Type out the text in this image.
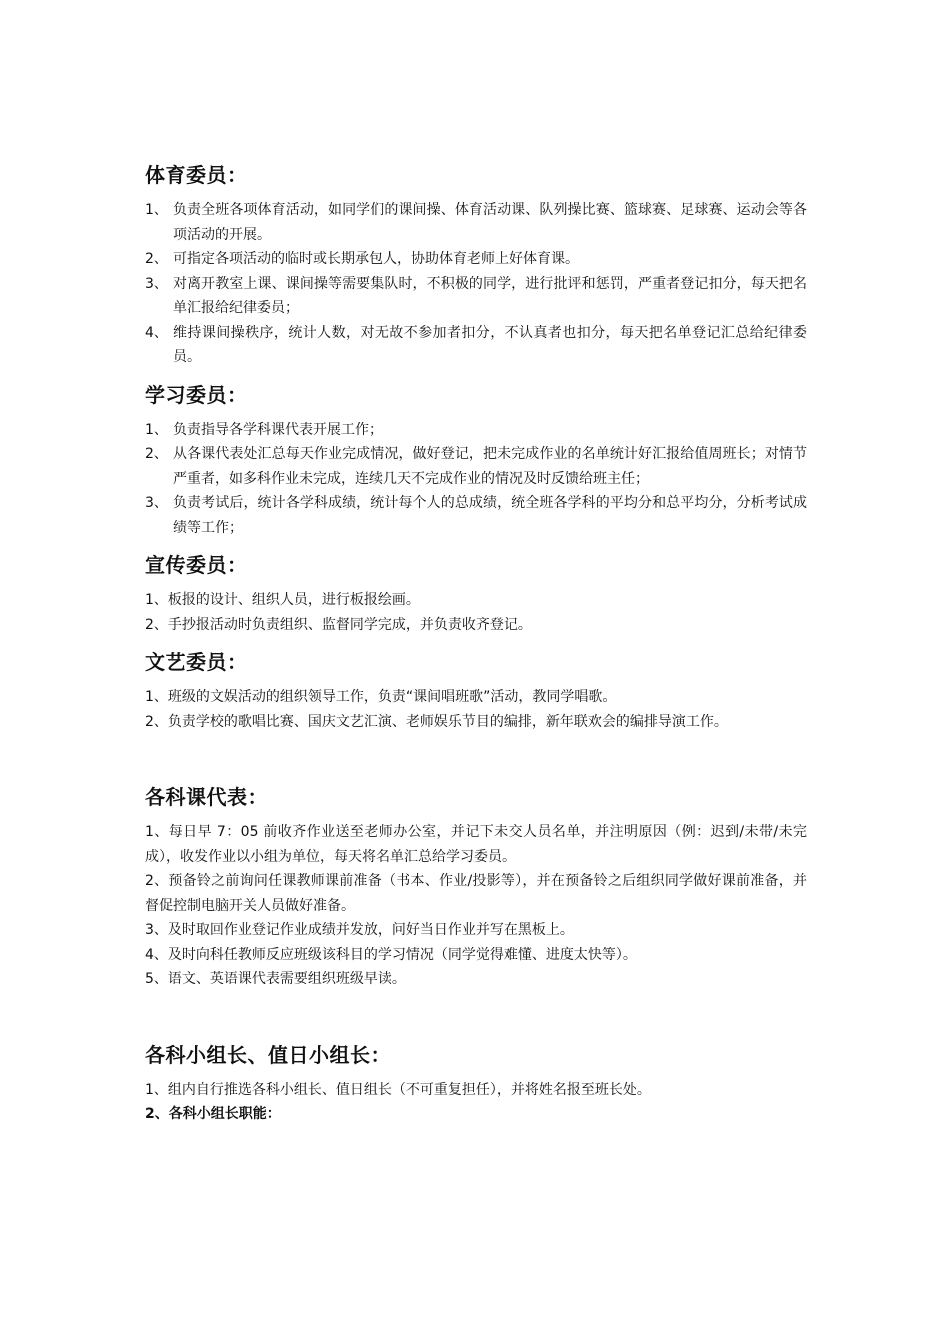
体育委员：
1、 负责全班各项体育活动，如同学们的课间操、体育活动课、队列操比赛、篮球赛、足球赛、运动会等各项活动的开展。
2、 可指定各项活动的临时或长期承包人，协助体育老师上好体育课。
3、 对离开教室上课、课间操等需要集队时，不积极的同学，进行批评和惩罚，严重者登记扣分，每天把名单汇报给纪律委员；
4、 维持课间操秩序，统计人数，对无故不参加者扣分，不认真者也扣分，每天把名单登记汇总给纪律委员。
学习委员：
1、 负责指导各学科课代表开展工作；
2、 从各课代表处汇总每天作业完成情况，做好登记，把未完成作业的名单统计好汇报给值周班长；对情节严重者，如多科作业未完成，连续几天不完成作业的情况及时反馈给班主任；
3、 负责考试后，统计各学科成绩，统计每个人的总成绩，统全班各学科的平均分和总平均分，分析考试成绩等工作；
宣传委员：
1、板报的设计、组织人员，进行板报绘画。
2、手抄报活动时负责组织、监督同学完成，并负责收齐登记。
文艺委员：
1、班级的文娱活动的组织领导工作，负责“课间唱班歌”活动，教同学唱歌。
2、负责学校的歌唱比赛、国庆文艺汇演、老师娱乐节目的编排，新年联欢会的编排导演工作。
各科课代表：
1、每日早 7：05 前收齐作业送至老师办公室，并记下未交人员名单，并注明原因（例：迟到/未带/未完成），收发作业以小组为单位，每天将名单汇总给学习委员。
2、预备铃之前询问任课教师课前准备（书本、作业/投影等），并在预备铃之后组织同学做好课前准备，并督促控制电脑开关人员做好准备。
3、及时取回作业登记作业成绩并发放，问好当日作业并写在黑板上。
4、及时向科任教师反应班级该科目的学习情况（同学觉得难懂、进度太快等）。
5、语文、英语课代表需要组织班级早读。
各科小组长、值日小组长：
1、组内自行推选各科小组长、值日组长（不可重复担任），并将姓名报至班长处。
2、各科小组长职能：
